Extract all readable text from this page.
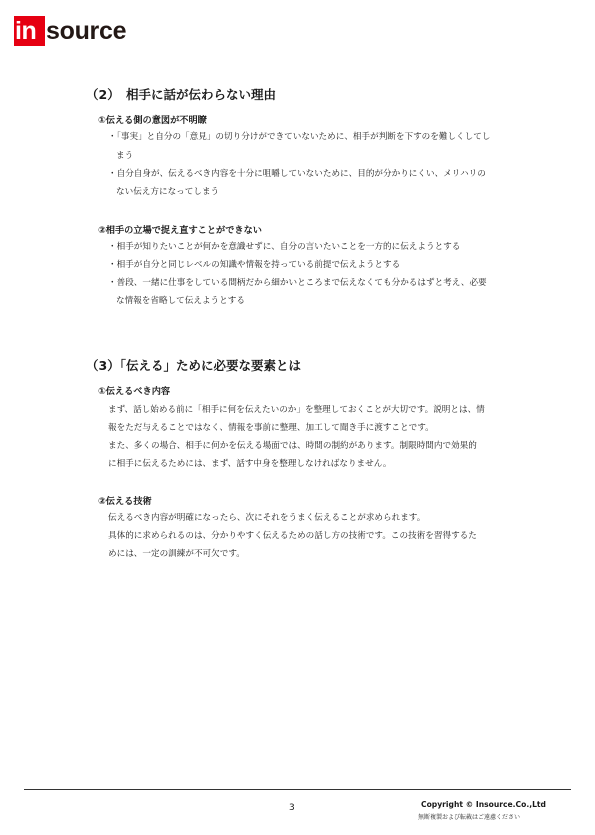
in source
（2）　相手に話が伝わらない理由
①伝える側の意図が不明瞭
・「事実」と自分の「意見」の切り分けができていないために、相手が判断を下すのを難しくしてし
まう
・自分自身が、伝えるべき内容を十分に咀嚼していないために、目的が分かりにくい、メリハリの
ない伝え方になってしまう
②相手の立場で捉え直すことができない
・相手が知りたいことが何かを意識せずに、自分の言いたいことを一方的に伝えようとする
・相手が自分と同じレベルの知識や情報を持っている前提で伝えようとする
・普段、一緒に仕事をしている間柄だから細かいところまで伝えなくても分かるはずと考え、必要
な情報を省略して伝えようとする
（3）「伝える」ために必要な要素とは
①伝えるべき内容
まず、話し始める前に「相手に何を伝えたいのか」を整理しておくことが大切です。説明とは、情
報をただ与えることではなく、情報を事前に整理、加工して聞き手に渡すことです。
また、多くの場合、相手に何かを伝える場面では、時間の制約があります。制限時間内で効果的
に相手に伝えるためには、まず、話す中身を整理しなければなりません。
②伝える技術
伝えるべき内容が明確になったら、次にそれをうまく伝えることが求められます。
具体的に求められるのは、分かりやすく伝えるための話し方の技術です。この技術を習得するた
めには、一定の訓練が不可欠です。
3	Copyright © Insource.Co.,Ltd
無断複製および転載はご遠慮ください
